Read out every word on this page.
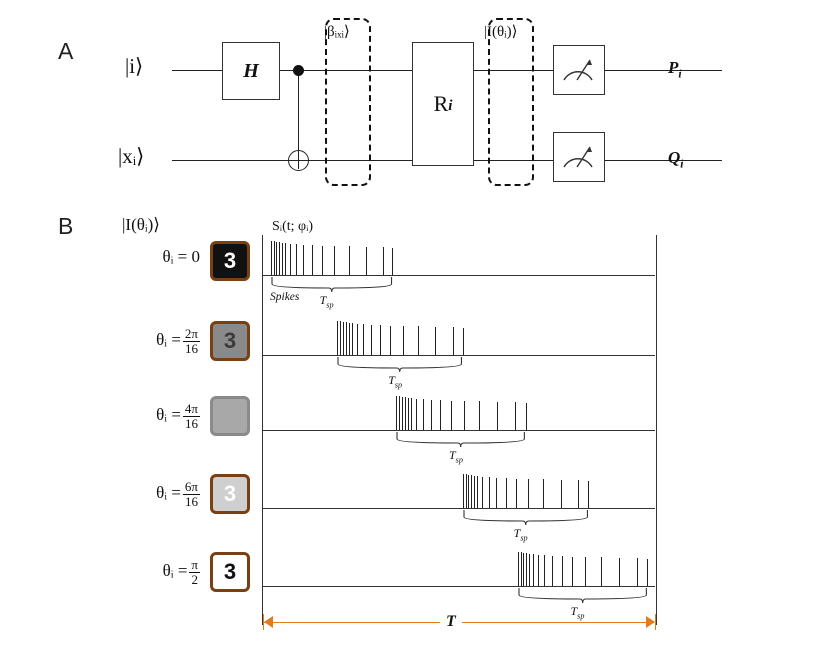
A
|i⟩
|xᵢ⟩
H
|βᵢₓᵢ⟩
R i
|I(θᵢ)⟩
$P_i$
$Q_i$
B	|I(θᵢ)⟩	Sᵢ(t; φᵢ)
θᵢ = 0	3
$T_{sp}$
θᵢ = $\frac{2\pi}{16}$	3
$T_{sp}$
θᵢ = $\frac{4\pi}{16}$
$T_{sp}$
θᵢ = $\frac{6\pi}{16}$	3
$T_{sp}$
θᵢ = $\frac{\pi}{2}$	3
$T_{sp}$
Spikes
T
